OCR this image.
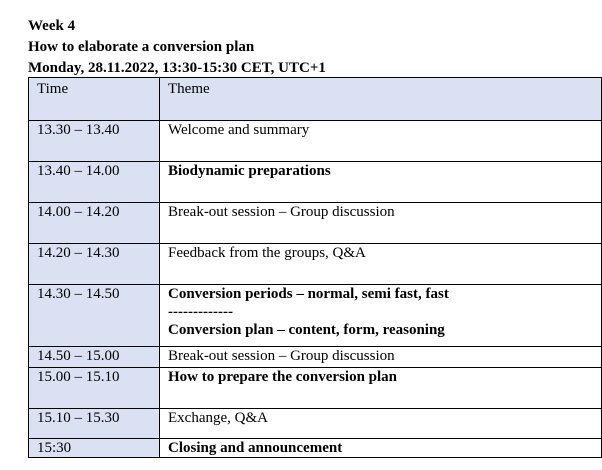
Week 4
How to elaborate a conversion plan
Monday, 28.11.2022, 13:30-15:30 CET, UTC+1
Time	Theme
13.30 – 13.40	Welcome and summary
13.40 – 14.00	Biodynamic preparations
14.00 – 14.20	Break-out session – Group discussion
14.20 – 14.30	Feedback from the groups, Q&A
14.30 – 14.50	Conversion periods – normal, semi fast, fast
-------------
Conversion plan – content, form, reasoning

14.50 – 15.00	Break-out session – Group discussion
15.00 – 15.10	How to prepare the conversion plan
15.10 – 15.30	Exchange, Q&A
15:30	Closing and announcement
